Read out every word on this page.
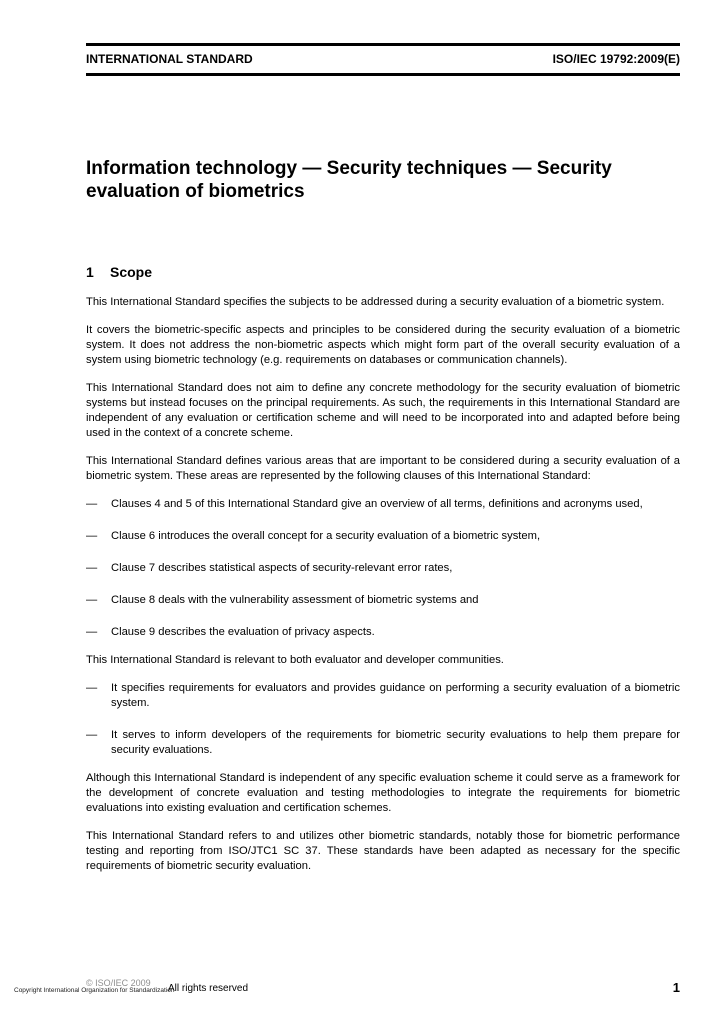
INTERNATIONAL STANDARD	ISO/IEC 19792:2009(E)
Information technology — Security techniques — Security evaluation of biometrics
1 Scope

This International Standard specifies the subjects to be addressed during a security evaluation of a biometric system.

It covers the biometric-specific aspects and principles to be considered during the security evaluation of a biometric system. It does not address the non-biometric aspects which might form part of the overall security evaluation of a system using biometric technology (e.g. requirements on databases or communication channels).

This International Standard does not aim to define any concrete methodology for the security evaluation of biometric systems but instead focuses on the principal requirements. As such, the requirements in this International Standard are independent of any evaluation or certification scheme and will need to be incorporated into and adapted before being used in the context of a concrete scheme.

This International Standard defines various areas that are important to be considered during a security evaluation of a biometric system. These areas are represented by the following clauses of this International Standard:

— Clauses 4 and 5 of this International Standard give an overview of all terms, definitions and acronyms used,
— Clause 6 introduces the overall concept for a security evaluation of a biometric system,
— Clause 7 describes statistical aspects of security-relevant error rates,
— Clause 8 deals with the vulnerability assessment of biometric systems and
— Clause 9 describes the evaluation of privacy aspects.

This International Standard is relevant to both evaluator and developer communities.

— It specifies requirements for evaluators and provides guidance on performing a security evaluation of a biometric system.
— It serves to inform developers of the requirements for biometric security evaluations to help them prepare for security evaluations.

Although this International Standard is independent of any specific evaluation scheme it could serve as a framework for the development of concrete evaluation and testing methodologies to integrate the requirements for biometric evaluations into existing evaluation and certification schemes.

This International Standard refers to and utilizes other biometric standards, notably those for biometric performance testing and reporting from ISO/JTC1 SC 37. These standards have been adapted as necessary for the specific requirements of biometric security evaluation.

© ISO/IEC 2009
Copyright International Organization for Standardization
All rights reserved	1
